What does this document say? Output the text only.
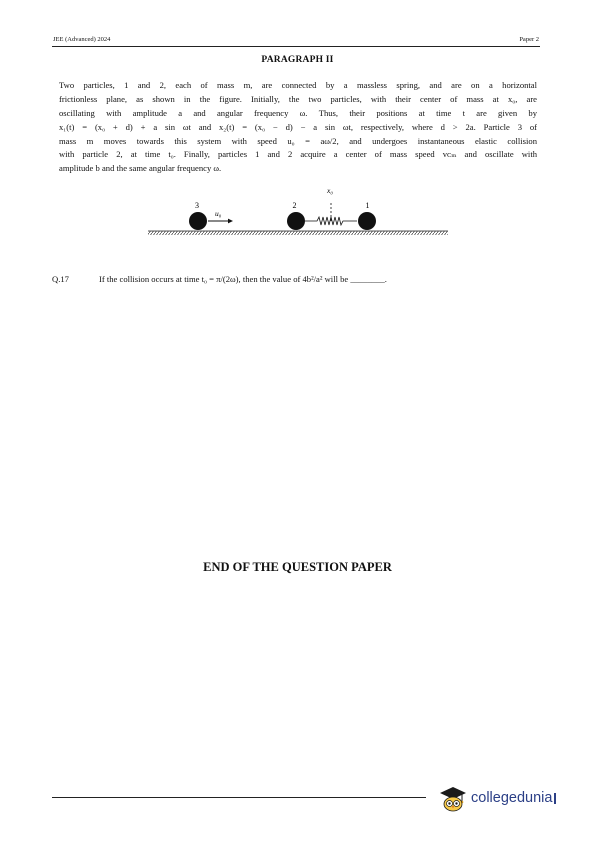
JEE (Advanced) 2024	Paper 2
PARAGRAPH II
Two particles, 1 and 2, each of mass m, are connected by a massless spring, and are on a horizontal
frictionless plane, as shown in the figure. Initially, the two particles, with their center of mass at x₀, are
oscillating with amplitude a and angular frequency ω. Thus, their positions at time t are given by
x₁(t) = (x₀ + d) + a sin ωt and x₂(t) = (x₀ − d) − a sin ωt, respectively, where d > 2a. Particle 3 of
mass m moves towards this system with speed u₀ = aω/2, and undergoes instantaneous elastic collision
with particle 2, at time t₀. Finally, particles 1 and 2 acquire a center of mass speed vᴄₘ and oscillate with
amplitude b and the same angular frequency ω.
3
u₀
2
x₀
1
Q.17	If the collision occurs at time t₀ = π/(2ω), then the value of 4b²/a² will be ________.
END OF THE QUESTION PAPER
collegedunia
